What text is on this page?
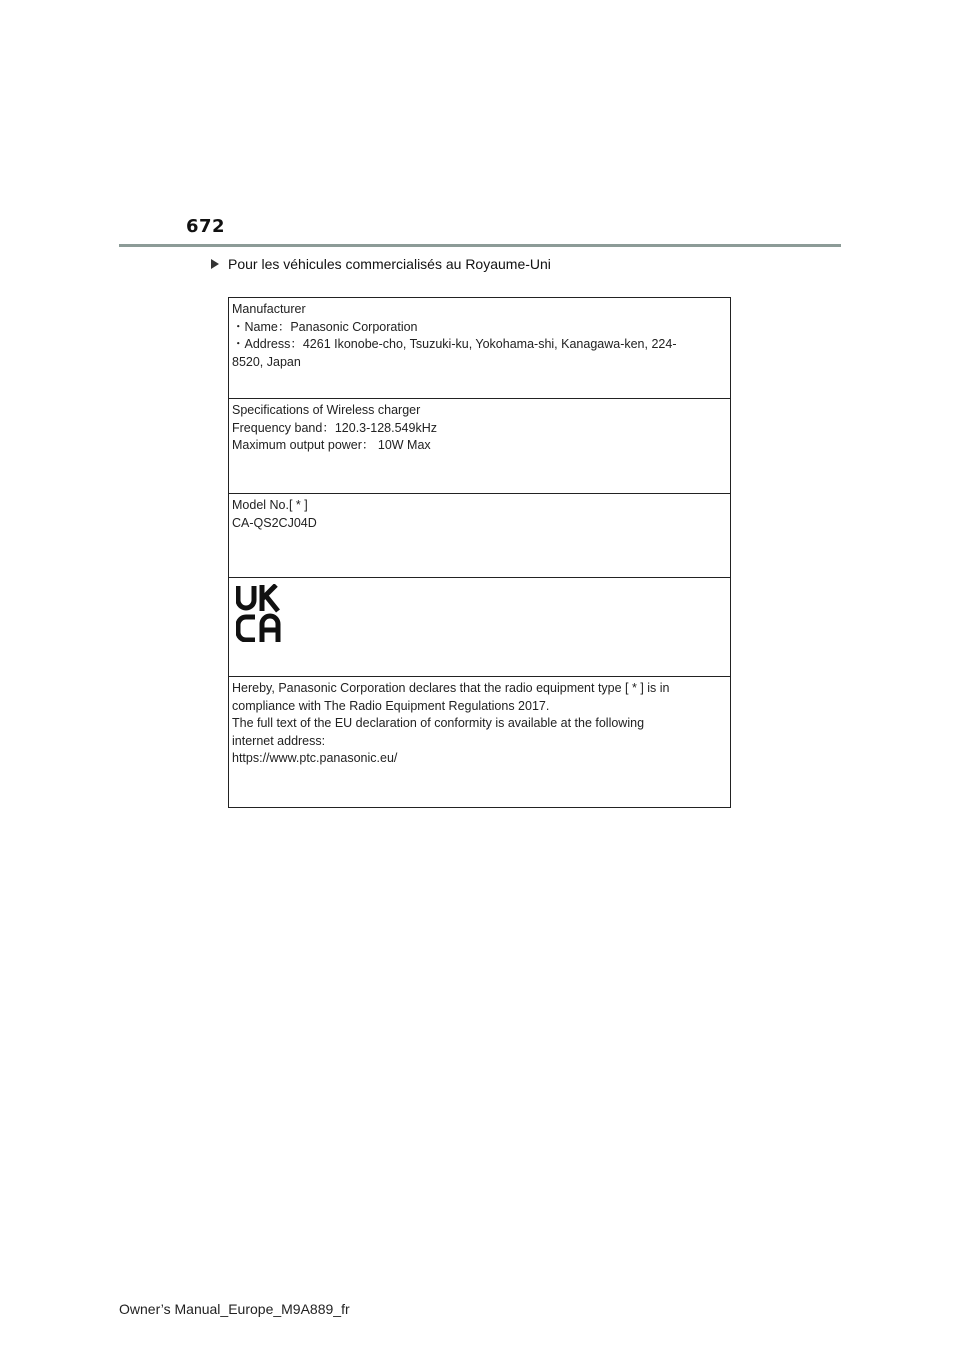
672
Pour les véhicules commercialisés au Royaume-Uni
Manufacturer
・Name：Panasonic Corporation
・Address：4261 Ikonobe-cho, Tsuzuki-ku, Yokohama-shi, Kanagawa-ken, 224-
8520, Japan
Specifications of Wireless charger
Frequency band：120.3-128.549kHz
Maximum output power： 10W Max
Model No.[ * ]
CA-QS2CJ04D
Hereby, Panasonic Corporation declares that the radio equipment type [ * ] is in
compliance with The Radio Equipment Regulations 2017.
The full text of the EU declaration of conformity is available at the following
internet address:
https://www.ptc.panasonic.eu/
Owner’s Manual_Europe_M9A889_fr
